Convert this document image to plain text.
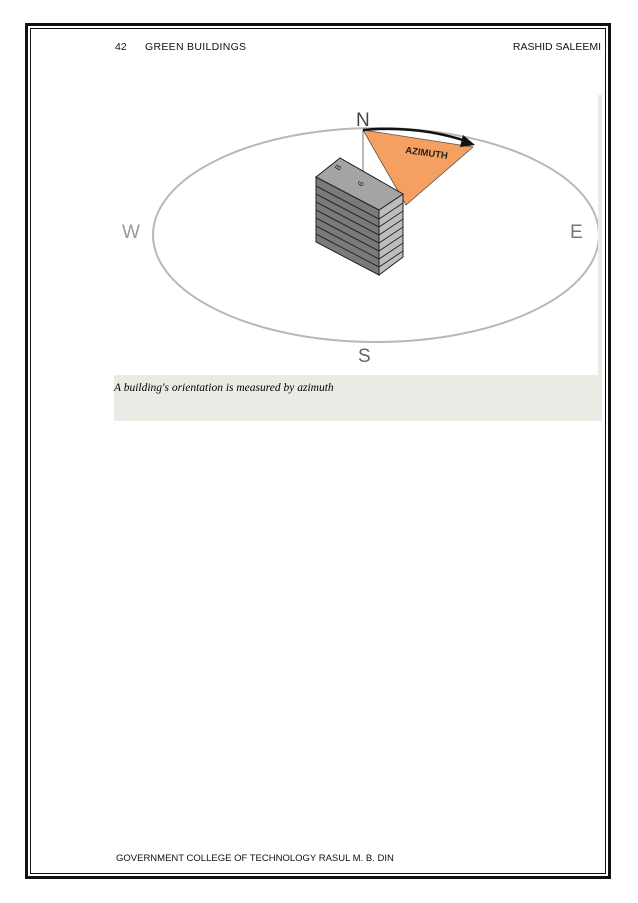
42 GREEN BUILDINGS	RASHID SALEEMI
AZIMUTH
B
6
N
S
E
W
A building's orientation is measured by azimuth
GOVERNMENT COLLEGE OF TECHNOLOGY RASUL M. B. DIN
